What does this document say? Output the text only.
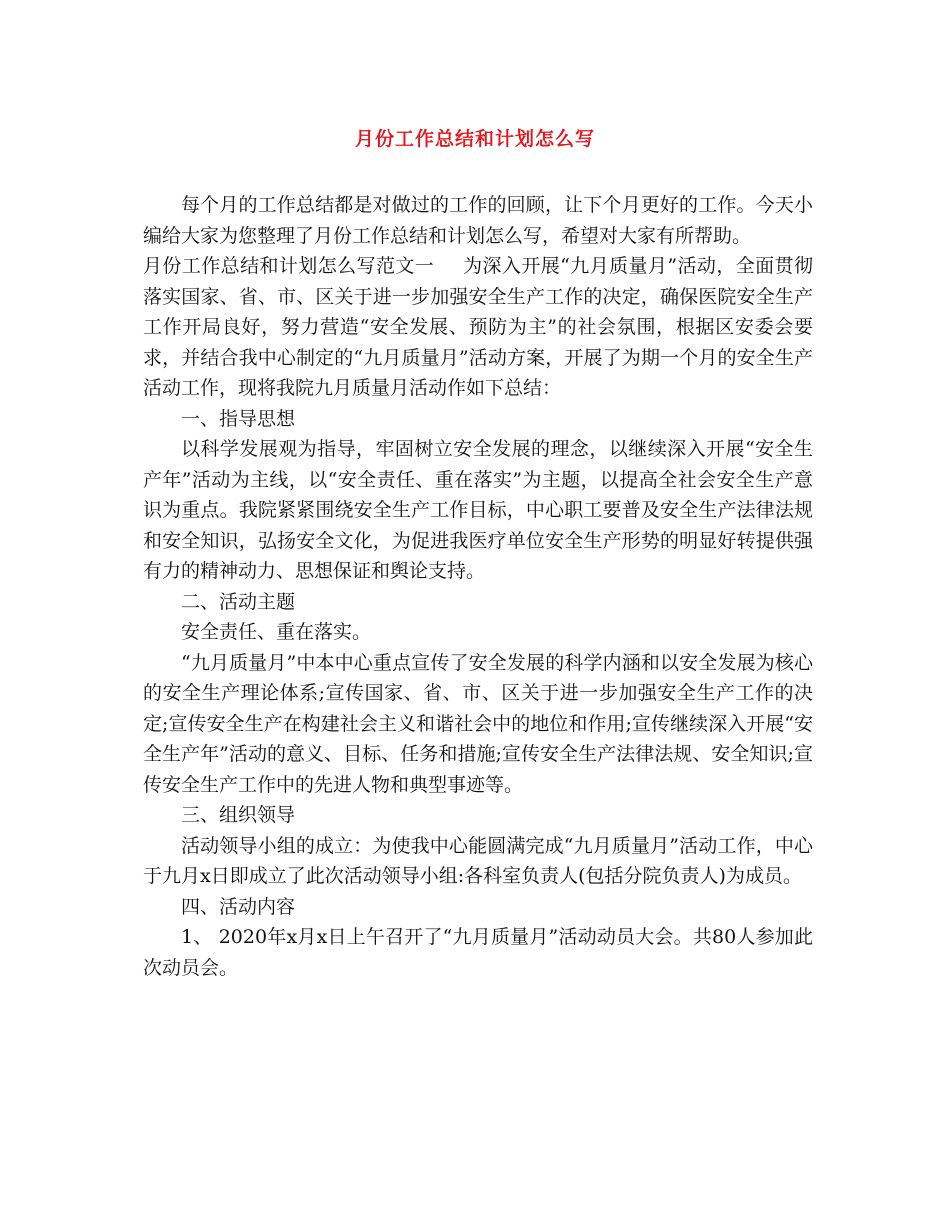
月份工作总结和计划怎么写

每个月的工作总结都是对做过的工作的回顾，让下个月更好的工作。今天小编给大家为您整理了月份工作总结和计划怎么写，希望对大家有所帮助。

月份工作总结和计划怎么写范文一 为深入开展“九月质量月”活动，全面贯彻落实国家、省、市、区关于进一步加强安全生产工作的决定，确保医院安全生产工作开局良好，努力营造“安全发展、预防为主”的社会氛围，根据区安委会要求，并结合我中心制定的“九月质量月”活动方案，开展了为期一个月的安全生产活动工作，现将我院九月质量月活动作如下总结：

一、指导思想

以科学发展观为指导，牢固树立安全发展的理念，以继续深入开展“安全生产年”活动为主线，以“安全责任、重在落实”为主题，以提高全社会安全生产意识为重点。我院紧紧围绕安全生产工作目标，中心职工要普及安全生产法律法规和安全知识，弘扬安全文化，为促进我医疗单位安全生产形势的明显好转提供强有力的精神动力、思想保证和舆论支持。

二、活动主题

安全责任、重在落实。

“九月质量月”中本中心重点宣传了安全发展的科学内涵和以安全发展为核心的安全生产理论体系;宣传国家、省、市、区关于进一步加强安全生产工作的决定;宣传安全生产在构建社会主义和谐社会中的地位和作用;宣传继续深入开展“安全生产年”活动的意义、目标、任务和措施;宣传安全生产法律法规、安全知识;宣传安全生产工作中的先进人物和典型事迹等。

三、组织领导

活动领导小组的成立：为使我中心能圆满完成“九月质量月”活动工作，中心于九月x日即成立了此次活动领导小组:各科室负责人(包括分院负责人)为成员。

四、活动内容

1、 2020年x月x日上午召开了“九月质量月”活动动员大会。共80人参加此次动员会。
